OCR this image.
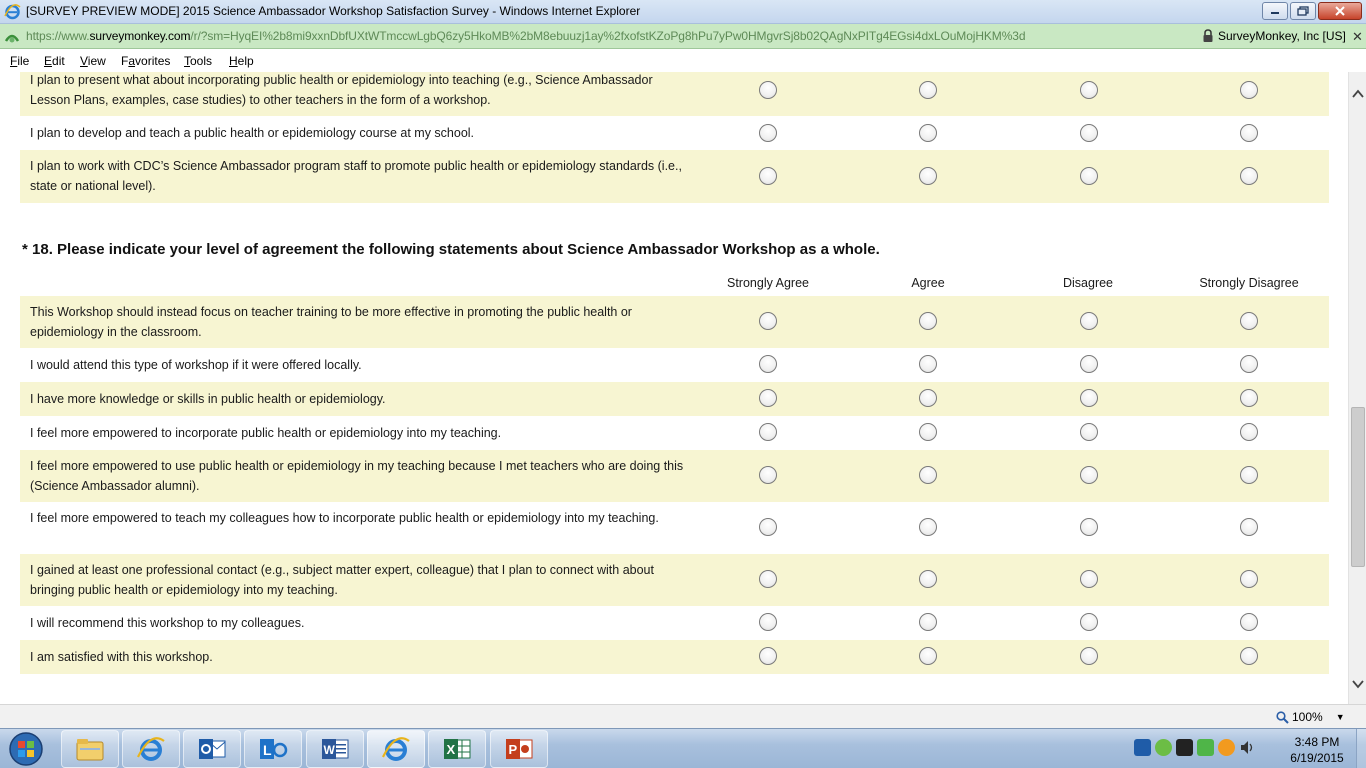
[SURVEY PREVIEW MODE] 2015 Science Ambassador Workshop Satisfaction Survey - Windows Internet Explorer
https://www.surveymonkey.com/r/?sm=HyqEI%2b8mi9xxnDbfUXtWTmccwLgbQ6zy5HkoMB%2bM8ebuuzj1ay%2fxofstKZoPg8hPu7yPw0HMgvrSj8b02QAgNxPITg4EGsi4dxLOuMojHKM%3d	SurveyMonkey, Inc [US] ✕
File Edit View Favorites Tools Help
I plan to present what about incorporating public health or epidemiology into teaching (e.g., Science Ambassador Lesson Plans, examples, case studies) to other teachers in the form of a workshop.
I plan to develop and teach a public health or epidemiology course at my school.
I plan to work with CDC’s Science Ambassador program staff to promote public health or epidemiology standards (i.e., state or national level).
* 18. Please indicate your level of agreement the following statements about Science Ambassador Workshop as a whole.
Strongly Agree	Agree	Disagree	Strongly Disagree
This Workshop should instead focus on teacher training to be more effective in promoting the public health or epidemiology in the classroom.
I would attend this type of workshop if it were offered locally.
I have more knowledge or skills in public health or epidemiology.
I feel more empowered to incorporate public health or epidemiology into my teaching.
I feel more empowered to use public health or epidemiology in my teaching because I met teachers who are doing this (Science Ambassador alumni).
I feel more empowered to teach my colleagues how to incorporate public health or epidemiology into my teaching.
I gained at least one professional contact (e.g., subject matter expert, colleague) that I plan to connect with about bringing public health or epidemiology into my teaching.
I will recommend this workshop to my colleagues.
I am satisfied with this workshop.
100% ▼
L	W	X	P	3:48 PM
6/19/2015
